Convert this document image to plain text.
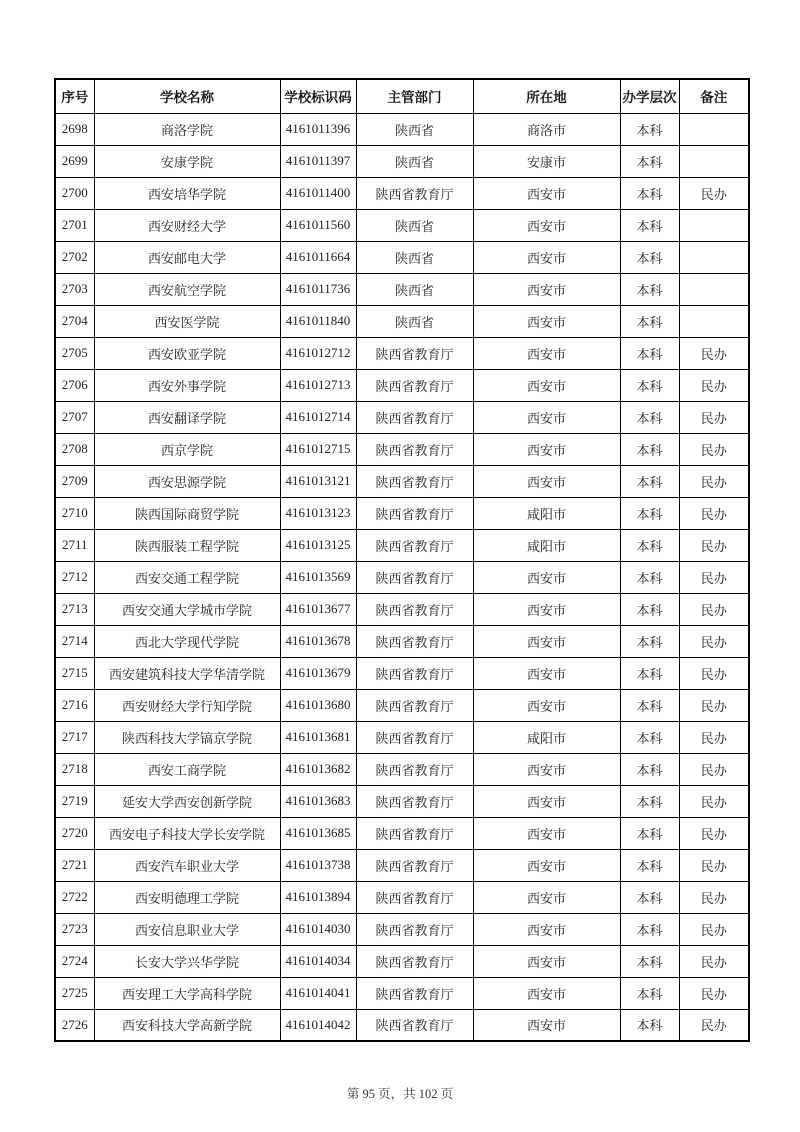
序号	学校名称	学校标识码	主管部门	所在地	办学层次	备注
2698	商洛学院	4161011396	陕西省	商洛市	本科	
2699	安康学院	4161011397	陕西省	安康市	本科	
2700	西安培华学院	4161011400	陕西省教育厅	西安市	本科	民办
2701	西安财经大学	4161011560	陕西省	西安市	本科	
2702	西安邮电大学	4161011664	陕西省	西安市	本科	
2703	西安航空学院	4161011736	陕西省	西安市	本科	
2704	西安医学院	4161011840	陕西省	西安市	本科	
2705	西安欧亚学院	4161012712	陕西省教育厅	西安市	本科	民办
2706	西安外事学院	4161012713	陕西省教育厅	西安市	本科	民办
2707	西安翻译学院	4161012714	陕西省教育厅	西安市	本科	民办
2708	西京学院	4161012715	陕西省教育厅	西安市	本科	民办
2709	西安思源学院	4161013121	陕西省教育厅	西安市	本科	民办
2710	陕西国际商贸学院	4161013123	陕西省教育厅	咸阳市	本科	民办
2711	陕西服装工程学院	4161013125	陕西省教育厅	咸阳市	本科	民办
2712	西安交通工程学院	4161013569	陕西省教育厅	西安市	本科	民办
2713	西安交通大学城市学院	4161013677	陕西省教育厅	西安市	本科	民办
2714	西北大学现代学院	4161013678	陕西省教育厅	西安市	本科	民办
2715	西安建筑科技大学华清学院	4161013679	陕西省教育厅	西安市	本科	民办
2716	西安财经大学行知学院	4161013680	陕西省教育厅	西安市	本科	民办
2717	陕西科技大学镐京学院	4161013681	陕西省教育厅	咸阳市	本科	民办
2718	西安工商学院	4161013682	陕西省教育厅	西安市	本科	民办
2719	延安大学西安创新学院	4161013683	陕西省教育厅	西安市	本科	民办
2720	西安电子科技大学长安学院	4161013685	陕西省教育厅	西安市	本科	民办
2721	西安汽车职业大学	4161013738	陕西省教育厅	西安市	本科	民办
2722	西安明德理工学院	4161013894	陕西省教育厅	西安市	本科	民办
2723	西安信息职业大学	4161014030	陕西省教育厅	西安市	本科	民办
2724	长安大学兴华学院	4161014034	陕西省教育厅	西安市	本科	民办
2725	西安理工大学高科学院	4161014041	陕西省教育厅	西安市	本科	民办
2726	西安科技大学高新学院	4161014042	陕西省教育厅	西安市	本科	民办
第 95 页，共 102 页
